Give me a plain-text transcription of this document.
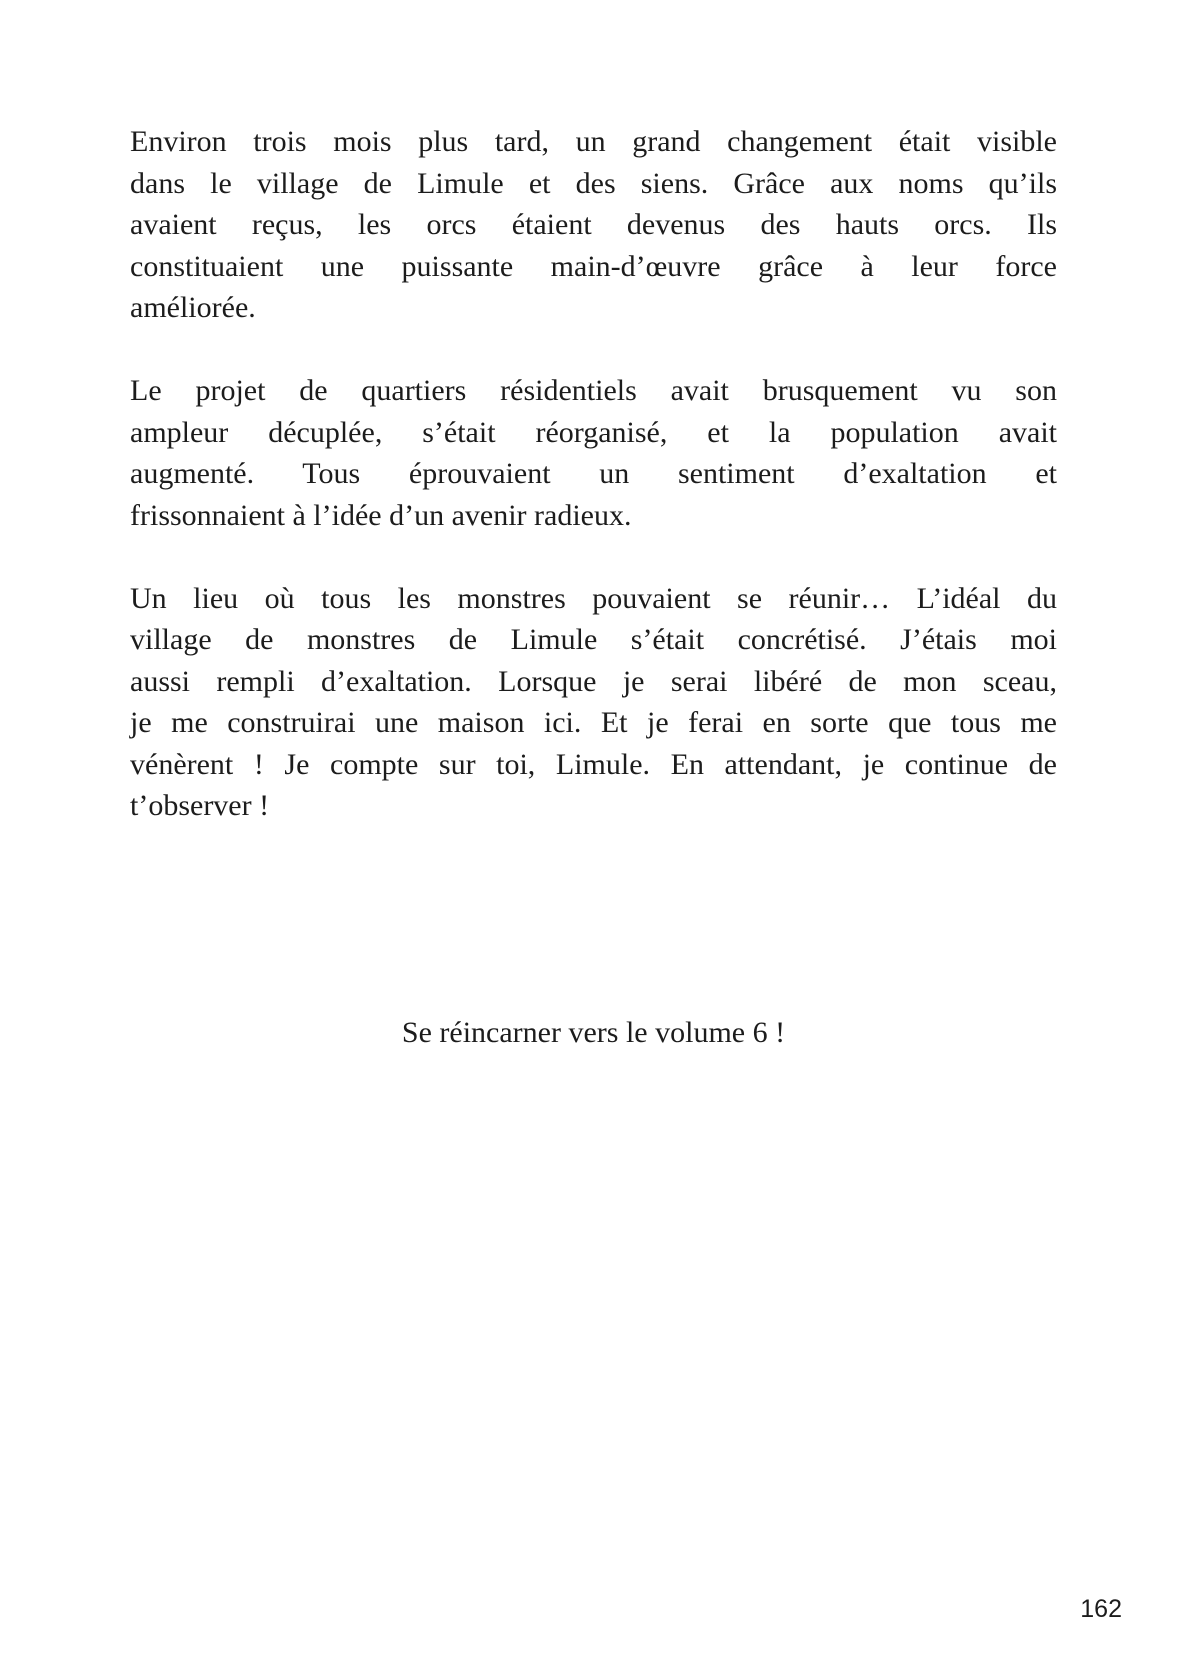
Environ trois mois plus tard, un grand changement était visible
dans le village de Limule et des siens. Grâce aux noms qu’ils
avaient reçus, les orcs étaient devenus des hauts orcs. Ils
constituaient une puissante main-d’œuvre grâce à leur force
améliorée.

Le projet de quartiers résidentiels avait brusquement vu son
ampleur décuplée, s’était réorganisé, et la population avait
augmenté. Tous éprouvaient un sentiment d’exaltation et
frissonnaient à l’idée d’un avenir radieux.

Un lieu où tous les monstres pouvaient se réunir… L’idéal du
village de monstres de Limule s’était concrétisé. J’étais moi
aussi rempli d’exaltation. Lorsque je serai libéré de mon sceau,
je me construirai une maison ici. Et je ferai en sorte que tous me
vénèrent ! Je compte sur toi, Limule. En attendant, je continue de
t’observer !

Se réincarner vers le volume 6 !
162
